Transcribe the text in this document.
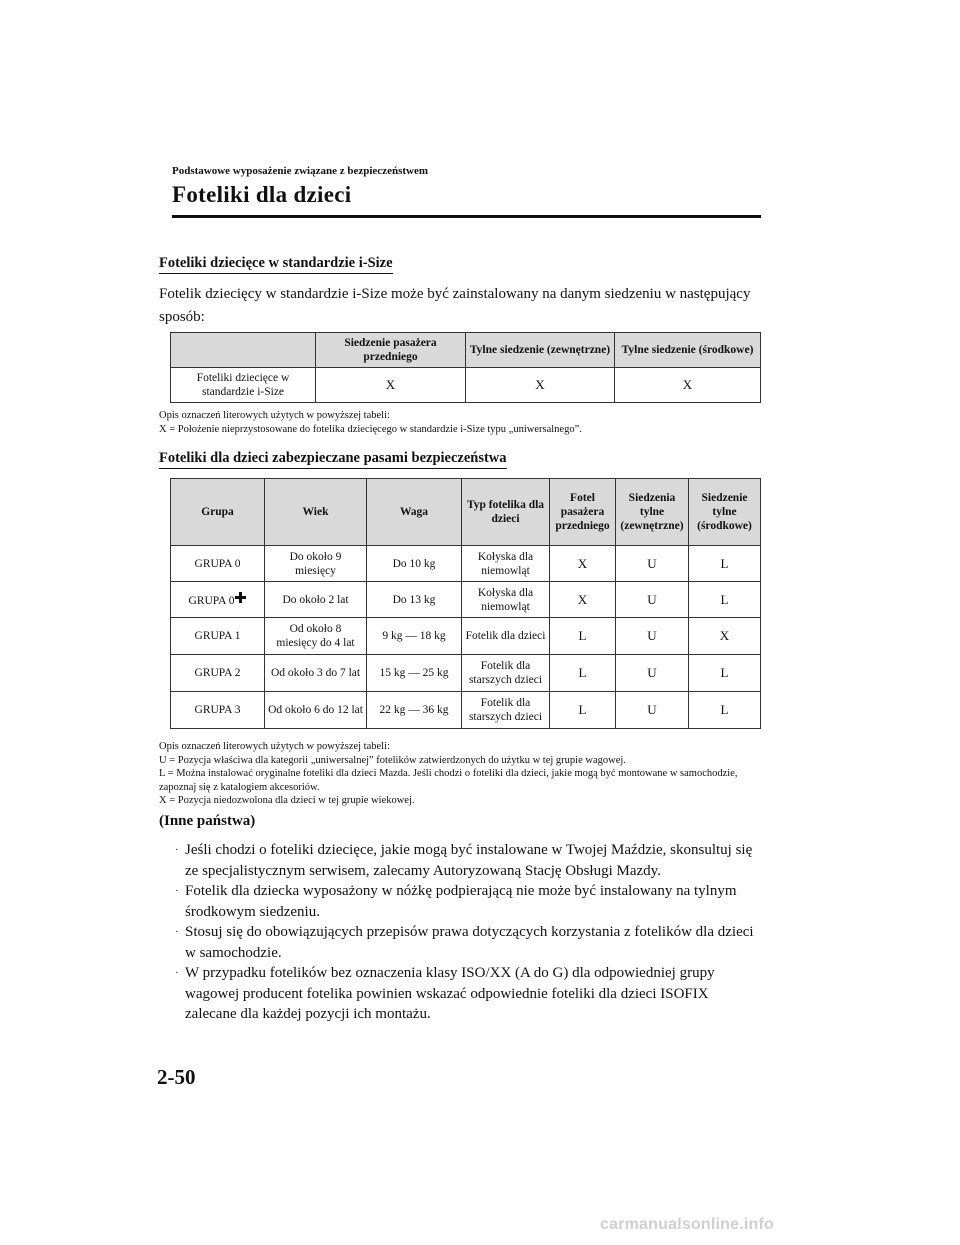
Podstawowe wyposażenie związane z bezpieczeństwem
Foteliki dla dzieci
Foteliki dziecięce w standardzie i-Size
Fotelik dziecięcy w standardzie i-Size może być zainstalowany na danym siedzeniu w następujący sposób:
	Siedzenie pasażera przedniego	Tylne siedzenie (zewnętrzne)	Tylne siedzenie (środkowe)
Foteliki dziecięce w standardzie i-Size	X	X	X
Opis oznaczeń literowych użytych w powyższej tabeli:
X = Położenie nieprzystosowane do fotelika dziecięcego w standardzie i-Size typu „uniwersalnego”.
Foteliki dla dzieci zabezpieczane pasami bezpieczeństwa
Grupa	Wiek	Waga	Typ fotelika dla dzieci	Fotel pasażera przedniego	Siedzenia tylne (zewnętrzne)	Siedzenie tylne (środkowe)
GRUPA 0	Do około 9 miesięcy	Do 10 kg	Kołyska dla niemowląt	X	U	L
GRUPA 0	Do około 2 lat	Do 13 kg	Kołyska dla niemowląt	X	U	L
GRUPA 1	Od około 8 miesięcy do 4 lat	9 kg — 18 kg	Fotelik dla dzieci	L	U	X
GRUPA 2	Od około 3 do 7 lat	15 kg — 25 kg	Fotelik dla starszych dzieci	L	U	L
GRUPA 3	Od około 6 do 12 lat	22 kg — 36 kg	Fotelik dla starszych dzieci	L	U	L
Opis oznaczeń literowych użytych w powyższej tabeli:
U = Pozycja właściwa dla kategorii „uniwersalnej” fotelików zatwierdzonych do użytku w tej grupie wagowej.
L = Można instalować oryginalne foteliki dla dzieci Mazda. Jeśli chodzi o foteliki dla dzieci, jakie mogą być montowane w samochodzie, zapoznaj się z katalogiem akcesoriów.
X = Pozycja niedozwolona dla dzieci w tej grupie wiekowej.
(Inne państwa)
· Jeśli chodzi o foteliki dziecięce, jakie mogą być instalowane w Twojej Maździe, skonsultuj się ze specjalistycznym serwisem, zalecamy Autoryzowaną Stację Obsługi Mazdy.
· Fotelik dla dziecka wyposażony w nóżkę podpierającą nie może być instalowany na tylnym środkowym siedzeniu.
· Stosuj się do obowiązujących przepisów prawa dotyczących korzystania z fotelików dla dzieci w samochodzie.
· W przypadku fotelików bez oznaczenia klasy ISO/XX (A do G) dla odpowiedniej grupy wagowej producent fotelika powinien wskazać odpowiednie foteliki dla dzieci ISOFIX zalecane dla każdej pozycji ich montażu.
2-50
carmanualsonline.info
